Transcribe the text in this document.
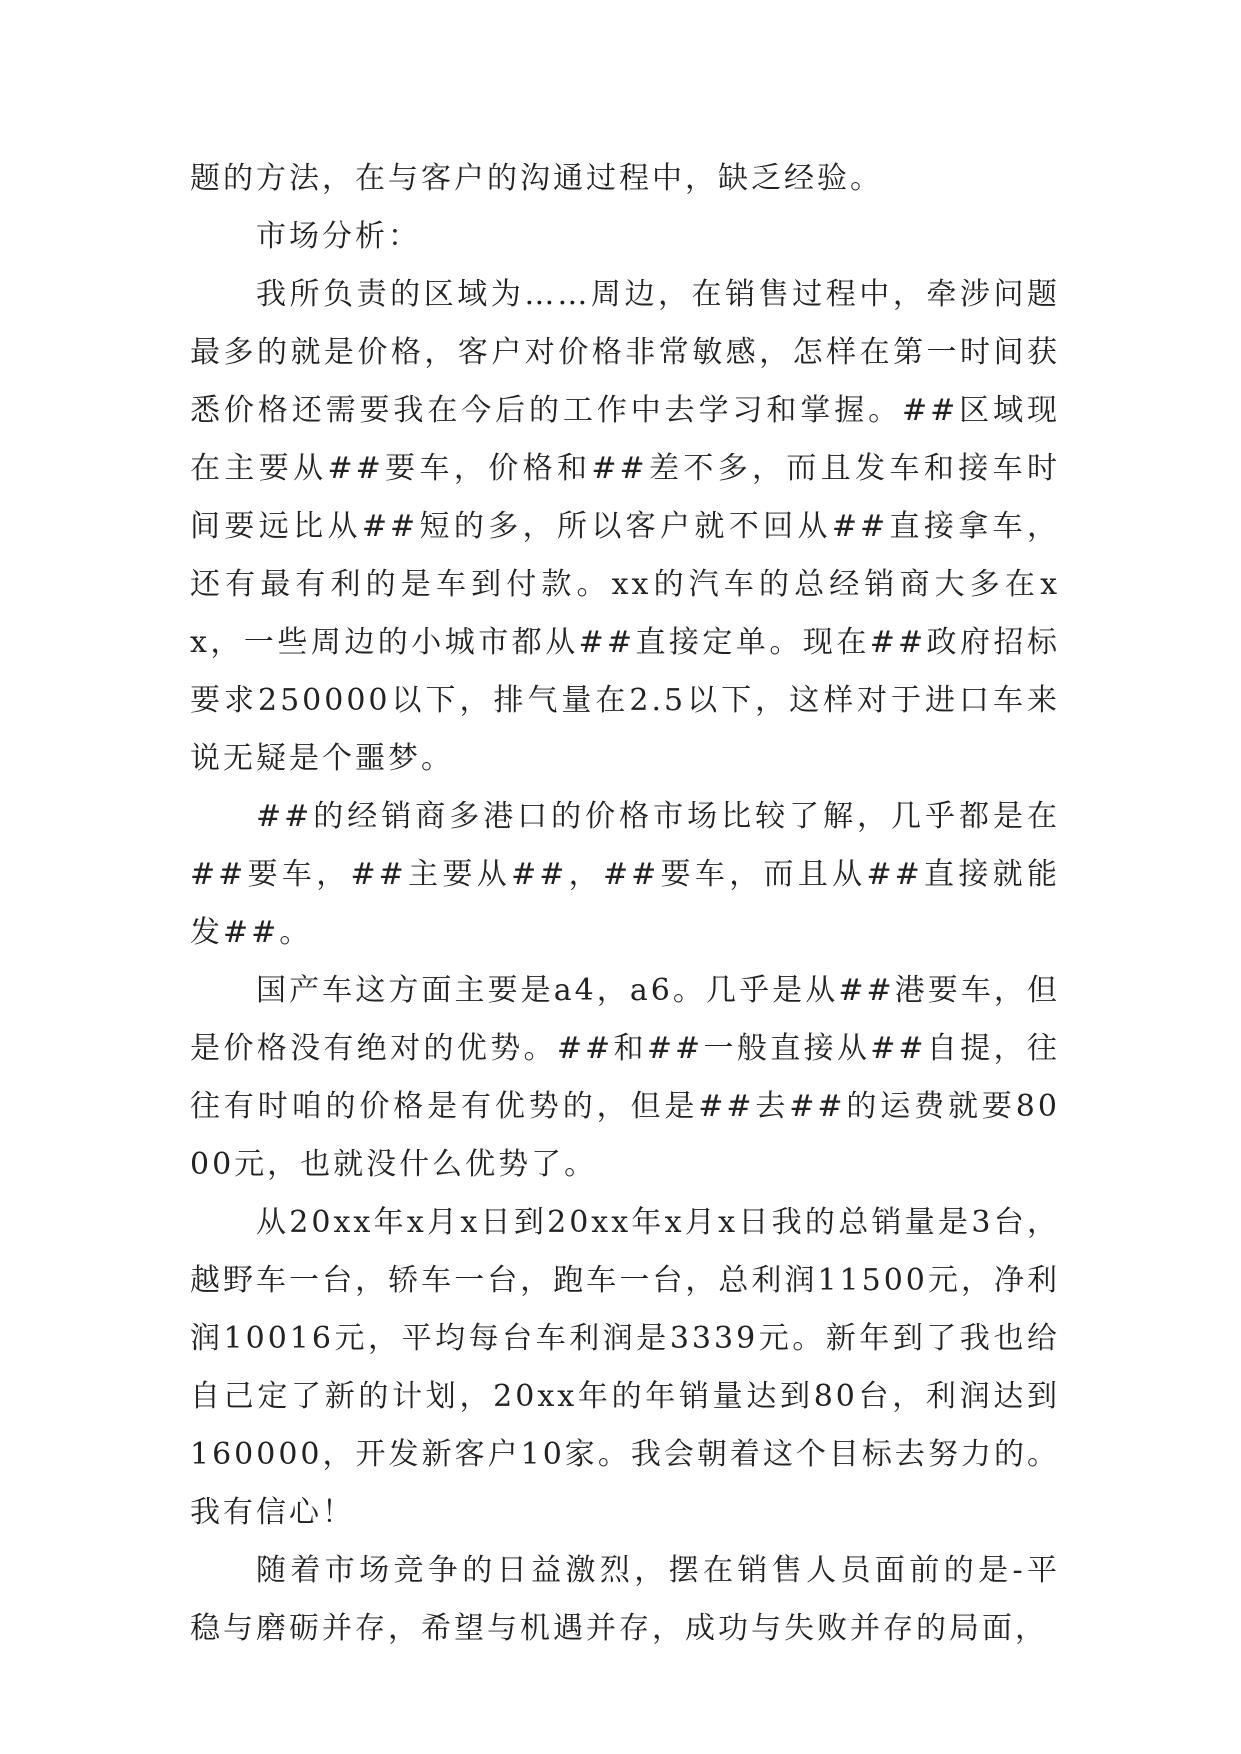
题的方法，在与客户的沟通过程中，缺乏经验。

市场分析：

我所负责的区域为……周边，在销售过程中，牵涉问题最多的就是价格，客户对价格非常敏感，怎样在第一时间获悉价格还需要我在今后的工作中去学习和掌握。##区域现在主要从##要车，价格和##差不多，而且发车和接车时间要远比从##短的多，所以客户就不回从##直接拿车，还有最有利的是车到付款。xx的汽车的总经销商大多在xx，一些周边的小城市都从##直接定单。现在##政府招标要求250000以下，排气量在2.5以下，这样对于进口车来说无疑是个噩梦。

##的经销商多港口的价格市场比较了解，几乎都是在##要车，##主要从##，##要车，而且从##直接就能发##。

国产车这方面主要是a4，a6。几乎是从##港要车，但是价格没有绝对的优势。##和##一般直接从##自提，往往有时咱的价格是有优势的，但是##去##的运费就要8000元，也就没什么优势了。

从20xx年x月x日到20xx年x月x日我的总销量是3台，越野车一台，轿车一台，跑车一台，总利润11500元，净利润10016元，平均每台车利润是3339元。新年到了我也给自己定了新的计划，20xx年的年销量达到80台，利润达到160000，开发新客户10家。我会朝着这个目标去努力的。我有信心！

随着市场竞争的日益激烈，摆在销售人员面前的是-平稳与磨砺并存，希望与机遇并存，成功与失败并存的局面，
